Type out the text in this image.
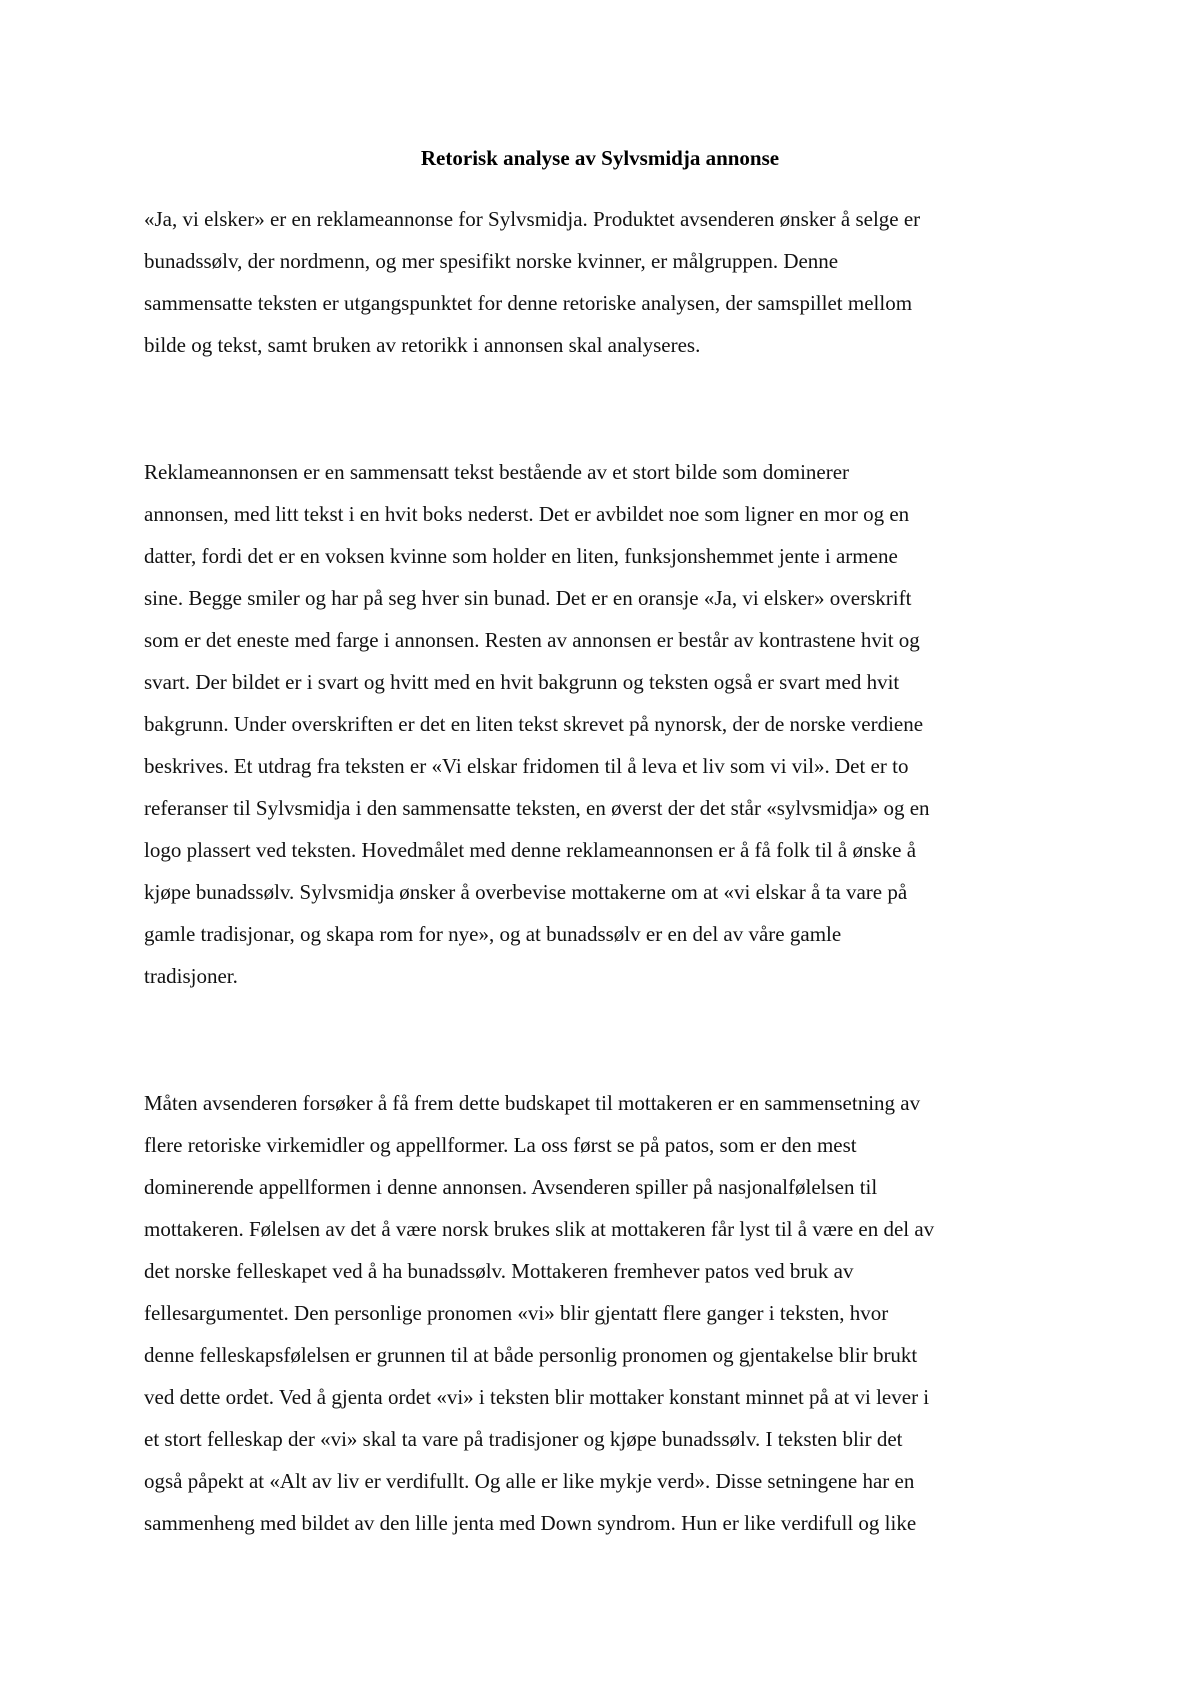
Retorisk analyse av Sylvsmidja annonse

«Ja, vi elsker» er en reklameannonse for Sylvsmidja. Produktet avsenderen ønsker å selge er

bunadssølv, der nordmenn, og mer spesifikt norske kvinner, er målgruppen. Denne

sammensatte teksten er utgangspunktet for denne retoriske analysen, der samspillet mellom

bilde og tekst, samt bruken av retorikk i annonsen skal analyseres.

Reklameannonsen er en sammensatt tekst bestående av et stort bilde som dominerer

annonsen, med litt tekst i en hvit boks nederst. Det er avbildet noe som ligner en mor og en

datter, fordi det er en voksen kvinne som holder en liten, funksjonshemmet jente i armene

sine. Begge smiler og har på seg hver sin bunad. Det er en oransje «Ja, vi elsker» overskrift

som er det eneste med farge i annonsen. Resten av annonsen er består av kontrastene hvit og

svart. Der bildet er i svart og hvitt med en hvit bakgrunn og teksten også er svart med hvit

bakgrunn. Under overskriften er det en liten tekst skrevet på nynorsk, der de norske verdiene

beskrives. Et utdrag fra teksten er «Vi elskar fridomen til å leva et liv som vi vil». Det er to

referanser til Sylvsmidja i den sammensatte teksten, en øverst der det står «sylvsmidja» og en

logo plassert ved teksten. Hovedmålet med denne reklameannonsen er å få folk til å ønske å

kjøpe bunadssølv. Sylvsmidja ønsker å overbevise mottakerne om at «vi elskar å ta vare på

gamle tradisjonar, og skapa rom for nye», og at bunadssølv er en del av våre gamle

tradisjoner.

Måten avsenderen forsøker å få frem dette budskapet til mottakeren er en sammensetning av

flere retoriske virkemidler og appellformer. La oss først se på patos, som er den mest

dominerende appellformen i denne annonsen. Avsenderen spiller på nasjonalfølelsen til

mottakeren. Følelsen av det å være norsk brukes slik at mottakeren får lyst til å være en del av

det norske felleskapet ved å ha bunadssølv. Mottakeren fremhever patos ved bruk av

fellesargumentet. Den personlige pronomen «vi» blir gjentatt flere ganger i teksten, hvor

denne felleskapsfølelsen er grunnen til at både personlig pronomen og gjentakelse blir brukt

ved dette ordet. Ved å gjenta ordet «vi» i teksten blir mottaker konstant minnet på at vi lever i

et stort felleskap der «vi» skal ta vare på tradisjoner og kjøpe bunadssølv. I teksten blir det

også påpekt at «Alt av liv er verdifullt. Og alle er like mykje verd». Disse setningene har en

sammenheng med bildet av den lille jenta med Down syndrom. Hun er like verdifull og like
